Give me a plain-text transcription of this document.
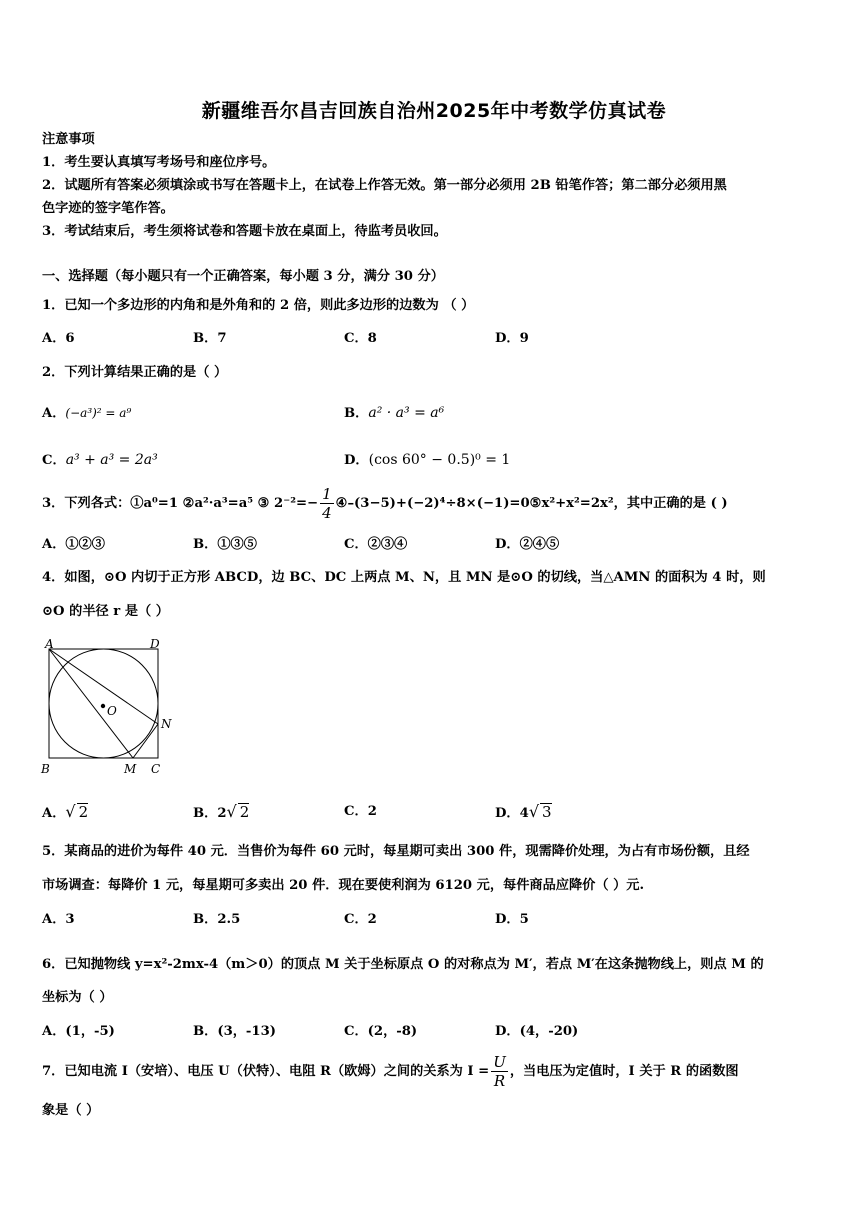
新疆维吾尔昌吉回族自治州2025年中考数学仿真试卷
注意事项
1．考生要认真填写考场号和座位序号。
2．试题所有答案必须填涂或书写在答题卡上，在试卷上作答无效。第一部分必须用 2B 铅笔作答；第二部分必须用黑
色字迹的签字笔作答。
3．考试结束后，考生须将试卷和答题卡放在桌面上，待监考员收回。
一、选择题（每小题只有一个正确答案，每小题 3 分，满分 30 分）
1．已知一个多边形的内角和是外角和的 2 倍，则此多边形的边数为 （ ）
A．6	B．7	C．8	D．9
2．下列计算结果正确的是（ ）
A．(−a³)² = a⁹	B．a² · a³ = a⁶
C．a³ + a³ = 2a³	D．(cos 60° − 0.5)⁰ = 1
3．下列各式：①a⁰=1 ②a²·a³=a⁵ ③ $2^{-2}=- \frac{1}{4}$ ④–(3−5)+(−2)⁴÷8×(−1)=0⑤x²+x²=2x²，其中正确的是 ( )
A．①②③	B．①③⑤	C．②③④	D．②④⑤
4．如图，⊙O 内切于正方形 ABCD，边 BC、DC 上两点 M、N，且 MN 是⊙O 的切线，当△AMN 的面积为 4 时，则
⊙O 的半径 r 是（ ）
A	D
B	M C
N
O
A．√ 2	B．2√ 2	C．2	D．4√ 3
5．某商品的进价为每件 40 元．当售价为每件 60 元时，每星期可卖出 300 件，现需降价处理，为占有市场份额，且经
市场调查：每降价 1 元，每星期可多卖出 20 件．现在要使利润为 6120 元，每件商品应降价（ ）元.
A．3	B．2.5	C．2	D．5
6．已知抛物线 y=x²-2mx-4（m＞0）的顶点 M 关于坐标原点 O 的对称点为 M′，若点 M′在这条抛物线上，则点 M 的
坐标为（ ）
A．(1，-5)	B．(3，-13)	C．(2，-8)	D．(4，-20)
7．已知电流 I（安培）、电压 U（伏特）、电阻 R（欧姆）之间的关系为 $I = \frac{U}{R}$ ，当电压为定值时，I 关于 R 的函数图
象是（ ）
